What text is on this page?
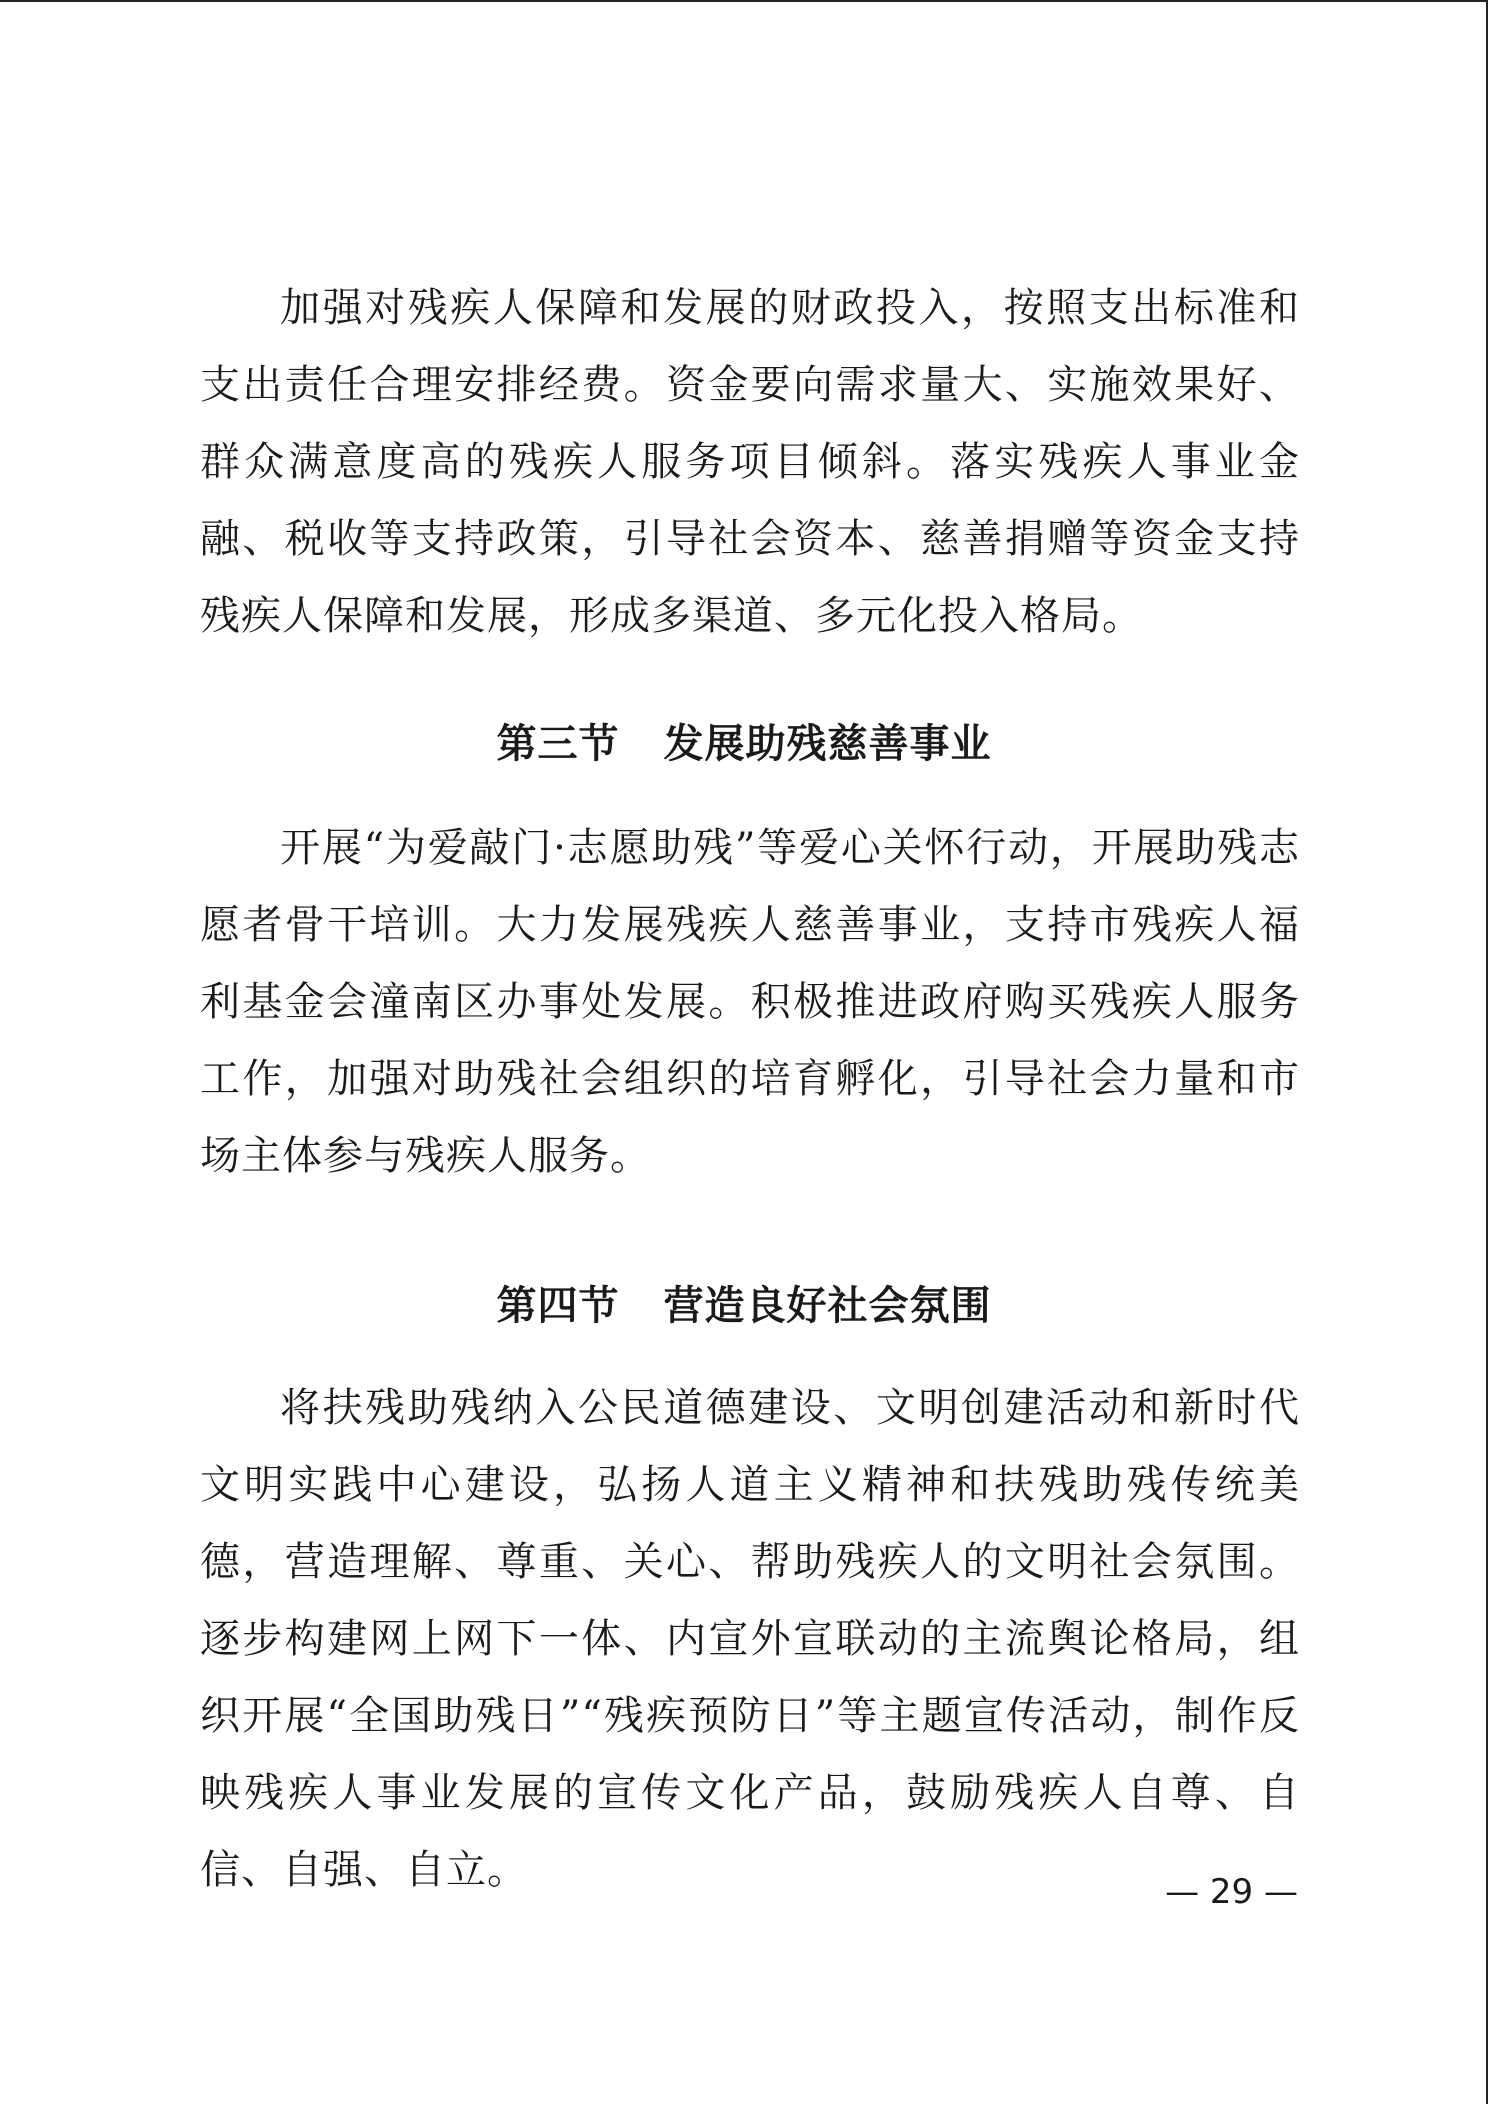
加强对残疾人保障和发展的财政投入，按照支出标准和支出责任合理安排经费。资金要向需求量大、实施效果好、群众满意度高的残疾人服务项目倾斜。落实残疾人事业金融、税收等支持政策，引导社会资本、慈善捐赠等资金支持残疾人保障和发展，形成多渠道、多元化投入格局。

第三节 发展助残慈善事业

开展“为爱敲门·志愿助残”等爱心关怀行动，开展助残志愿者骨干培训。大力发展残疾人慈善事业，支持市残疾人福利基金会潼南区办事处发展。积极推进政府购买残疾人服务工作，加强对助残社会组织的培育孵化，引导社会力量和市场主体参与残疾人服务。

第四节 营造良好社会氛围

将扶残助残纳入公民道德建设、文明创建活动和新时代文明实践中心建设，弘扬人道主义精神和扶残助残传统美德，营造理解、尊重、关心、帮助残疾人的文明社会氛围。逐步构建网上网下一体、内宣外宣联动的主流舆论格局，组织开展“全国助残日”“残疾预防日”等主题宣传活动，制作反映残疾人事业发展的宣传文化产品，鼓励残疾人自尊、自信、自强、自立。	— 29 —
